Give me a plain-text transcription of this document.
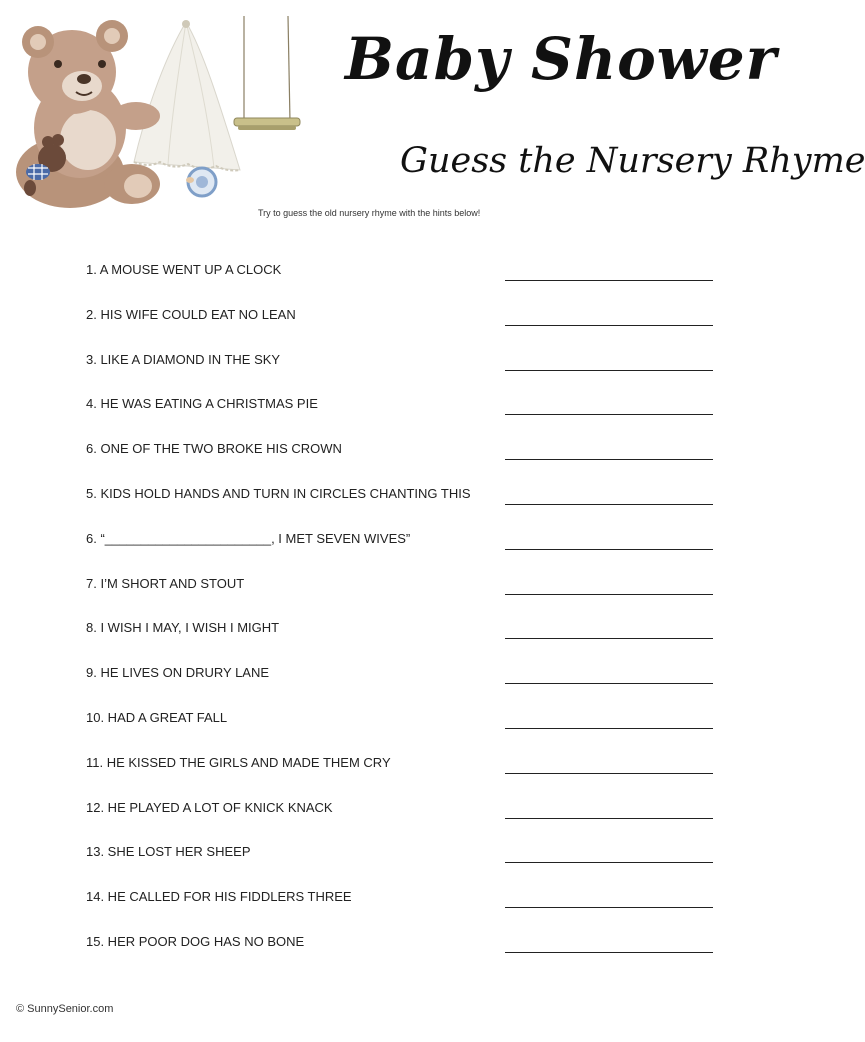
Baby Shower
Guess the Nursery Rhyme
Try to guess the old nursery rhyme with the hints below!
1. A MOUSE WENT UP A CLOCK
2. HIS WIFE COULD EAT NO LEAN
3. LIKE A DIAMOND IN THE SKY
4. HE WAS EATING A CHRISTMAS PIE
6. ONE OF THE TWO BROKE HIS CROWN
5. KIDS HOLD HANDS AND TURN IN CIRCLES CHANTING THIS
6. “_______________________, I MET SEVEN WIVES”
7. I’M SHORT AND STOUT
8. I WISH I MAY, I WISH I MIGHT
9. HE LIVES ON DRURY LANE
10. HAD A GREAT FALL
11. HE KISSED THE GIRLS AND MADE THEM CRY
12. HE PLAYED A LOT OF KNICK KNACK
13. SHE LOST HER SHEEP
14. HE CALLED FOR HIS FIDDLERS THREE
15. HER POOR DOG HAS NO BONE
© SunnySenior.com
